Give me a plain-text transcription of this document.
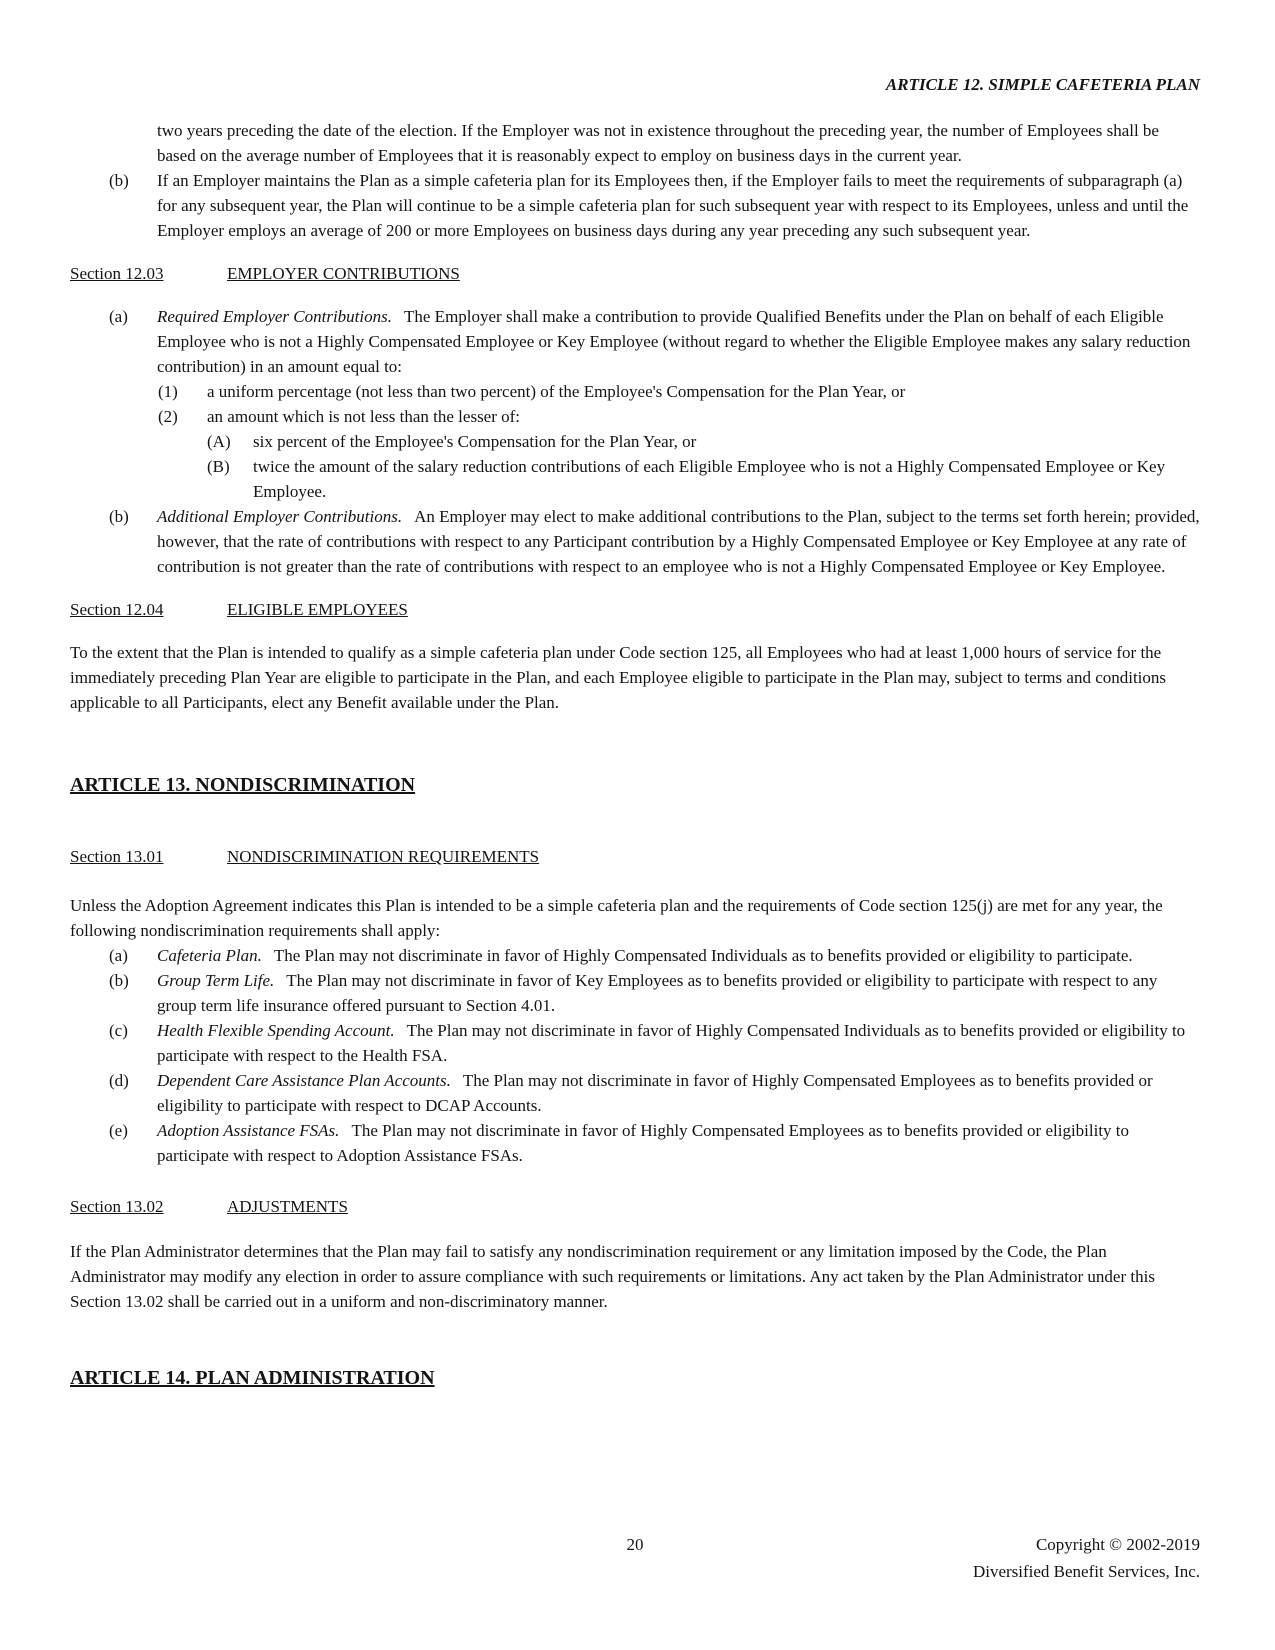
ARTICLE 12. SIMPLE CAFETERIA PLAN
two years preceding the date of the election. If the Employer was not in existence throughout the preceding year, the number of Employees shall be based on the average number of Employees that it is reasonably expect to employ on business days in the current year.
(b)	If an Employer maintains the Plan as a simple cafeteria plan for its Employees then, if the Employer fails to meet the requirements of subparagraph (a) for any subsequent year, the Plan will continue to be a simple cafeteria plan for such subsequent year with respect to its Employees, unless and until the Employer employs an average of 200 or more Employees on business days during any year preceding any such subsequent year.
Section 12.03	EMPLOYER CONTRIBUTIONS
(a)	Required Employer Contributions. The Employer shall make a contribution to provide Qualified Benefits under the Plan on behalf of each Eligible Employee who is not a Highly Compensated Employee or Key Employee (without regard to whether the Eligible Employee makes any salary reduction contribution) in an amount equal to:
(1)	a uniform percentage (not less than two percent) of the Employee's Compensation for the Plan Year, or
(2)	an amount which is not less than the lesser of:
(A)	six percent of the Employee's Compensation for the Plan Year, or
(B)	twice the amount of the salary reduction contributions of each Eligible Employee who is not a Highly Compensated Employee or Key Employee.
(b)	Additional Employer Contributions. An Employer may elect to make additional contributions to the Plan, subject to the terms set forth herein; provided, however, that the rate of contributions with respect to any Participant contribution by a Highly Compensated Employee or Key Employee at any rate of contribution is not greater than the rate of contributions with respect to an employee who is not a Highly Compensated Employee or Key Employee.
Section 12.04	ELIGIBLE EMPLOYEES
To the extent that the Plan is intended to qualify as a simple cafeteria plan under Code section 125, all Employees who had at least 1,000 hours of service for the immediately preceding Plan Year are eligible to participate in the Plan, and each Employee eligible to participate in the Plan may, subject to terms and conditions applicable to all Participants, elect any Benefit available under the Plan.
ARTICLE 13. NONDISCRIMINATION
Section 13.01	NONDISCRIMINATION REQUIREMENTS
Unless the Adoption Agreement indicates this Plan is intended to be a simple cafeteria plan and the requirements of Code section 125(j) are met for any year, the following nondiscrimination requirements shall apply:
(a)	Cafeteria Plan. The Plan may not discriminate in favor of Highly Compensated Individuals as to benefits provided or eligibility to participate.
(b)	Group Term Life. The Plan may not discriminate in favor of Key Employees as to benefits provided or eligibility to participate with respect to any group term life insurance offered pursuant to Section 4.01.
(c)	Health Flexible Spending Account. The Plan may not discriminate in favor of Highly Compensated Individuals as to benefits provided or eligibility to participate with respect to the Health FSA.
(d)	Dependent Care Assistance Plan Accounts. The Plan may not discriminate in favor of Highly Compensated Employees as to benefits provided or eligibility to participate with respect to DCAP Accounts.
(e)	Adoption Assistance FSAs. The Plan may not discriminate in favor of Highly Compensated Employees as to benefits provided or eligibility to participate with respect to Adoption Assistance FSAs.
Section 13.02	ADJUSTMENTS
If the Plan Administrator determines that the Plan may fail to satisfy any nondiscrimination requirement or any limitation imposed by the Code, the Plan Administrator may modify any election in order to assure compliance with such requirements or limitations. Any act taken by the Plan Administrator under this Section 13.02 shall be carried out in a uniform and non-discriminatory manner.
ARTICLE 14. PLAN ADMINISTRATION
20	Copyright © 2002-2019
Diversified Benefit Services, Inc.
